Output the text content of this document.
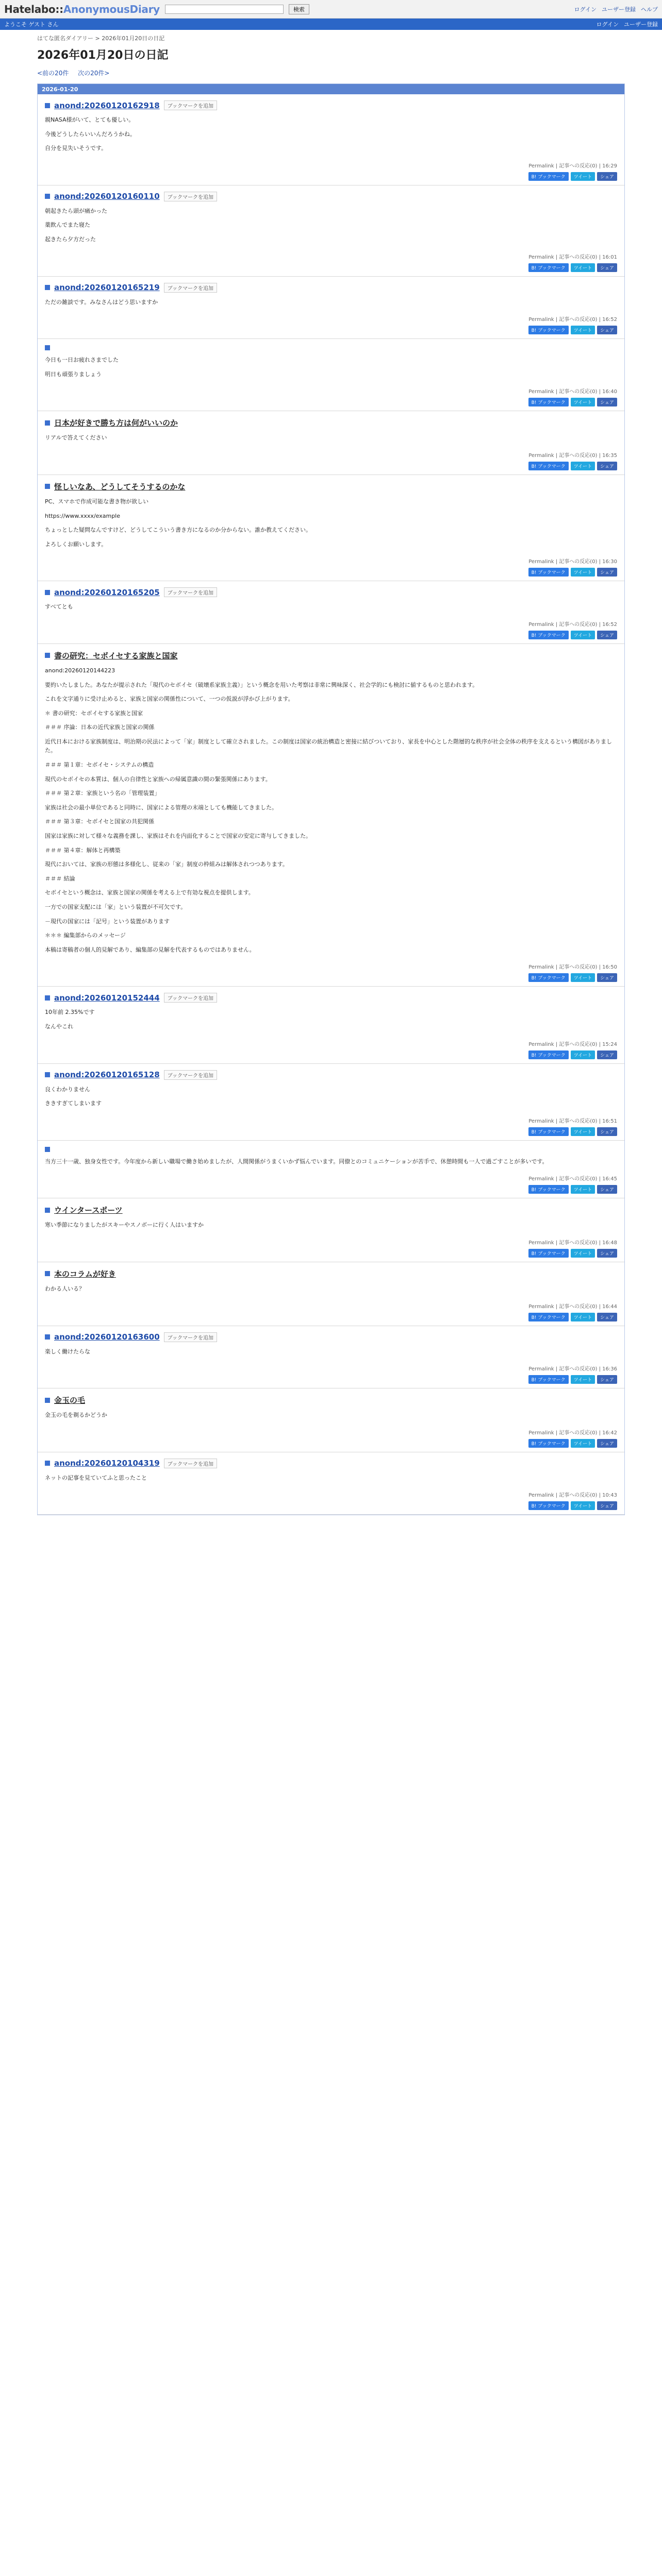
Hatelabo::AnonymousDiary	検索	ログイン ユーザー登録 ヘルプ
ようこそ ゲスト さん	ログイン ユーザー登録
はてな匿名ダイアリー > 2026年01月20日の日記
2026年01月20日の日記
<前の20件 次の20件>
2026-01-20
anond:20260120162918	ブックマークを追加

親NASA様がいて、とても優しい。

今後どうしたらいいんだろうかね。

自分を見失いそうです。

Permalink | 記事への反応(0) | 16:29
B! ブックマーク	ツイート	シェア
anond:20260120160110	ブックマークを追加

朝起きたら頭が痛かった

薬飲んでまた寝た

起きたら夕方だった

Permalink | 記事への反応(0) | 16:01
B! ブックマーク	ツイート	シェア
anond:20260120165219	ブックマークを追加

ただの雑談です。みなさんはどう思いますか

Permalink | 記事への反応(0) | 16:52
B! ブックマーク	ツイート	シェア

今日も一日お疲れさまでした

明日も頑張りましょう

Permalink | 記事への反応(0) | 16:40
B! ブックマーク	ツイート	シェア
日本が好きで勝ち方は何がいいのか

リアルで答えてください

Permalink | 記事への反応(0) | 16:35
B! ブックマーク	ツイート	シェア
怪しいなあ、どうしてそうするのかな

PC、スマホで作成可能な書き物が欲しい

https://www.xxxx/example

ちょっとした疑問なんですけど、どうしてこういう書き方になるのか分からない。誰か教えてください。

よろしくお願いします。

Permalink | 記事への反応(0) | 16:30
B! ブックマーク	ツイート	シェア
anond:20260120165205	ブックマークを追加

すべてとも

Permalink | 記事への反応(0) | 16:52
B! ブックマーク	ツイート	シェア
書の研究：セボイセする家族と国家

anond:20260120144223

要約いたしました。あなたが提示された「現代のセボイセ（破壊系家族主義）」という概念を用いた考察は非常に興味深く、社会学的にも検討に値するものと思われます。

これを文字通りに受け止めると、家族と国家の関係性について、一つの仮説が浮かび上がります。

＊ 書の研究：セボイセする家族と国家

＃＃＃ 序論：日本の近代家族と国家の関係

近代日本における家族制度は、明治期の民法によって「家」制度として確立されました。この制度は国家の統治構造と密接に結びついており、家長を中心とした階層的な秩序が社会全体の秩序を支えるという構図がありました。

＃＃＃ 第１章：セボイセ・システムの構造

現代のセボイセの本質は、個人の自律性と家族への帰属意識の間の緊張関係にあります。

＃＃＃ 第２章：家族という名の「管理装置」

家族は社会の最小単位であると同時に、国家による管理の末端としても機能してきました。

＃＃＃ 第３章：セボイセと国家の共犯関係

国家は家族に対して様々な義務を課し、家族はそれを内面化することで国家の安定に寄与してきました。

＃＃＃ 第４章：解体と再構築

現代においては、家族の形態は多様化し、従来の「家」制度の枠組みは解体されつつあります。

＃＃＃ 結論

セボイセという概念は、家族と国家の関係を考える上で有効な視点を提供します。

一方での国家支配には「家」という装置が不可欠です。

－現代の国家には「記号」という装置があります

＊＊＊ 編集部からのメッセージ

本稿は寄稿者の個人的見解であり、編集部の見解を代表するものではありません。

Permalink | 記事への反応(0) | 16:50
B! ブックマーク	ツイート	シェア
anond:20260120152444	ブックマークを追加

10年前 2.35%です

なんやこれ

Permalink | 記事への反応(0) | 15:24
B! ブックマーク	ツイート	シェア
anond:20260120165128	ブックマークを追加

良くわかりません

ききすぎてしまいます

Permalink | 記事への反応(0) | 16:51
B! ブックマーク	ツイート	シェア

当方三十一歳、独身女性です。今年度から新しい職場で働き始めましたが、人間関係がうまくいかず悩んでいます。同僚とのコミュニケーションが苦手で、休憩時間も一人で過ごすことが多いです。

Permalink | 記事への反応(0) | 16:45
B! ブックマーク	ツイート	シェア
ウインタースポーツ

寒い季節になりましたがスキーやスノボーに行く人はいますか

Permalink | 記事への反応(0) | 16:48
B! ブックマーク	ツイート	シェア
本のコラムが好き

わかる人いる？

Permalink | 記事への反応(0) | 16:44
B! ブックマーク	ツイート	シェア
anond:20260120163600	ブックマークを追加

楽しく働けたらな

Permalink | 記事への反応(0) | 16:36
B! ブックマーク	ツイート	シェア
金玉の毛

金玉の毛を剃るかどうか

Permalink | 記事への反応(0) | 16:42
B! ブックマーク	ツイート	シェア
anond:20260120104319	ブックマークを追加

ネットの記事を見ていてふと思ったこと

Permalink | 記事への反応(0) | 10:43
B! ブックマーク	ツイート	シェア
